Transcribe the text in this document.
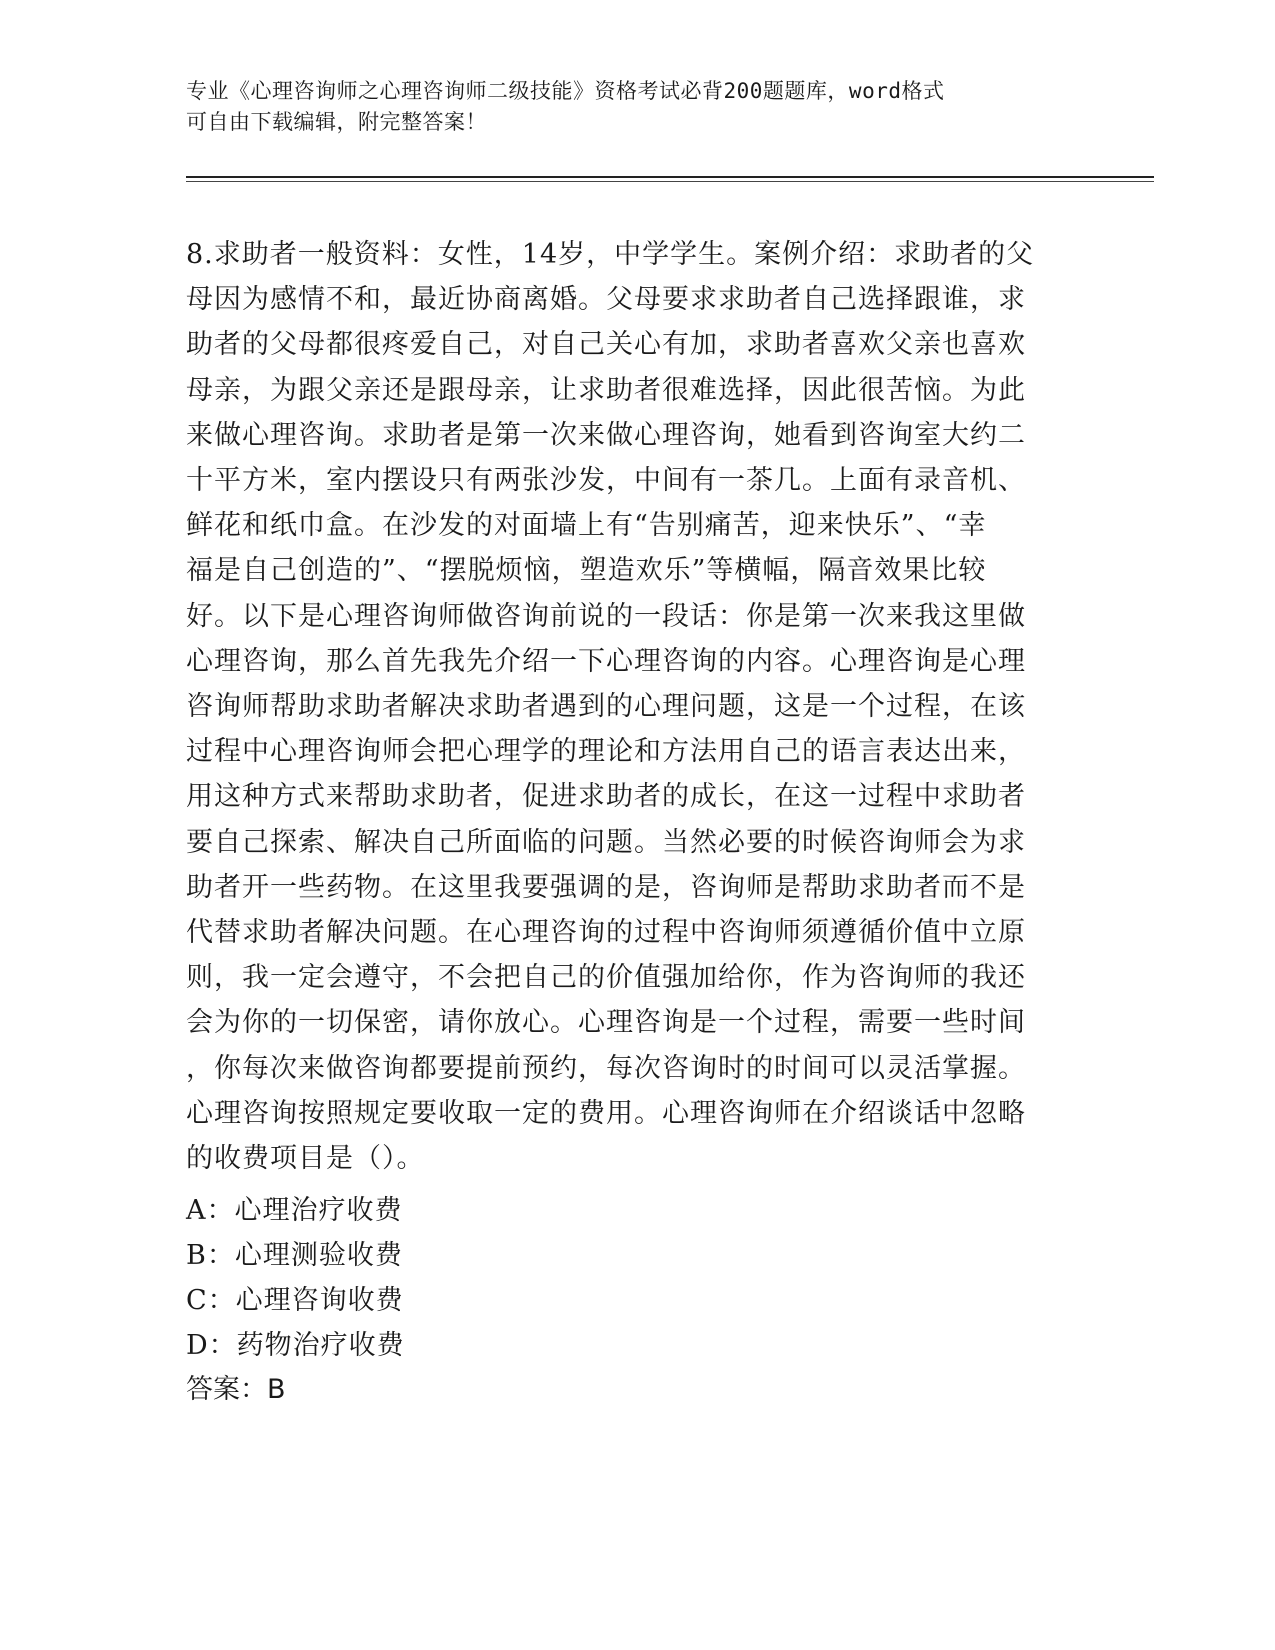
专业《心理咨询师之心理咨询师二级技能》资格考试必背200题题库，word格式
可自由下载编辑，附完整答案！
8.求助者一般资料：女性，14岁，中学学生。案例介绍：求助者的父
母因为感情不和，最近协商离婚。父母要求求助者自己选择跟谁，求
助者的父母都很疼爱自己，对自己关心有加，求助者喜欢父亲也喜欢
母亲，为跟父亲还是跟母亲，让求助者很难选择，因此很苦恼。为此
来做心理咨询。求助者是第一次来做心理咨询，她看到咨询室大约二
十平方米，室内摆设只有两张沙发，中间有一茶几。上面有录音机、
鲜花和纸巾盒。在沙发的对面墙上有“告别痛苦，迎来快乐”、“幸
福是自己创造的”、“摆脱烦恼，塑造欢乐”等横幅，隔音效果比较
好。以下是心理咨询师做咨询前说的一段话：你是第一次来我这里做
心理咨询，那么首先我先介绍一下心理咨询的内容。心理咨询是心理
咨询师帮助求助者解决求助者遇到的心理问题，这是一个过程，在该
过程中心理咨询师会把心理学的理论和方法用自己的语言表达出来，
用这种方式来帮助求助者，促进求助者的成长，在这一过程中求助者
要自己探索、解决自己所面临的问题。当然必要的时候咨询师会为求
助者开一些药物。在这里我要强调的是，咨询师是帮助求助者而不是
代替求助者解决问题。在心理咨询的过程中咨询师须遵循价值中立原
则，我一定会遵守，不会把自己的价值强加给你，作为咨询师的我还
会为你的一切保密，请你放心。心理咨询是一个过程，需要一些时间
，你每次来做咨询都要提前预约，每次咨询时的时间可以灵活掌握。
心理咨询按照规定要收取一定的费用。心理咨询师在介绍谈话中忽略
的收费项目是（）。
A：心理治疗收费
B：心理测验收费
C：心理咨询收费
D：药物治疗收费
答案：B
